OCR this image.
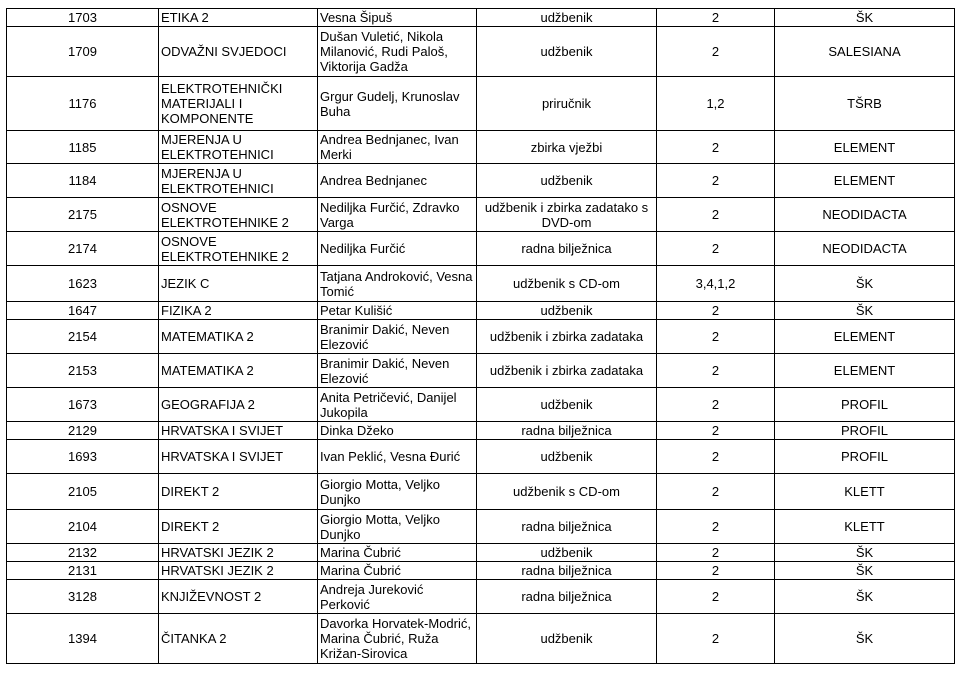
1703	ETIKA 2	Vesna Šipuš	udžbenik	2	ŠK
1709	ODVAŽNI SVJEDOCI	Dušan Vuletić, Nikola Milanović, Rudi Paloš, Viktorija Gadža	udžbenik	2	SALESIANA
1176	ELEKTROTEHNIČKI MATERIJALI I KOMPONENTE	Grgur Gudelj, Krunoslav Buha	priručnik	1,2	TŠRB
1185	MJERENJA U ELEKTROTEHNICI	Andrea Bednjanec, Ivan Merki	zbirka vježbi	2	ELEMENT
1184	MJERENJA U ELEKTROTEHNICI	Andrea Bednjanec	udžbenik	2	ELEMENT
2175	OSNOVE ELEKTROTEHNIKE 2	Nediljka Furčić, Zdravko Varga	udžbenik i zbirka zadatako s DVD-om	2	NEODIDACTA
2174	OSNOVE ELEKTROTEHNIKE 2	Nediljka Furčić	radna bilježnica	2	NEODIDACTA
1623	JEZIK C	Tatjana Androković, Vesna Tomić	udžbenik s CD-om	3,4,1,2	ŠK
1647	FIZIKA 2	Petar Kulišić	udžbenik	2	ŠK
2154	MATEMATIKA 2	Branimir Dakić, Neven Elezović	udžbenik i zbirka zadataka	2	ELEMENT
2153	MATEMATIKA 2	Branimir Dakić, Neven Elezović	udžbenik i zbirka zadataka	2	ELEMENT
1673	GEOGRAFIJA 2	Anita Petričević, Danijel Jukopila	udžbenik	2	PROFIL
2129	HRVATSKA I SVIJET	Dinka Džeko	radna bilježnica	2	PROFIL
1693	HRVATSKA I SVIJET	Ivan Peklić, Vesna Đurić	udžbenik	2	PROFIL
2105	DIREKT 2	Giorgio Motta, Veljko Dunjko	udžbenik s CD-om	2	KLETT
2104	DIREKT 2	Giorgio Motta, Veljko Dunjko	radna bilježnica	2	KLETT
2132	HRVATSKI JEZIK 2	Marina Čubrić	udžbenik	2	ŠK
2131	HRVATSKI JEZIK 2	Marina Čubrić	radna bilježnica	2	ŠK
3128	KNJIŽEVNOST 2	Andreja Jureković Perković	radna bilježnica	2	ŠK
1394	ČITANKA 2	Davorka Horvatek-Modrić, Marina Čubrić, Ruža Križan-Sirovica	udžbenik	2	ŠK
